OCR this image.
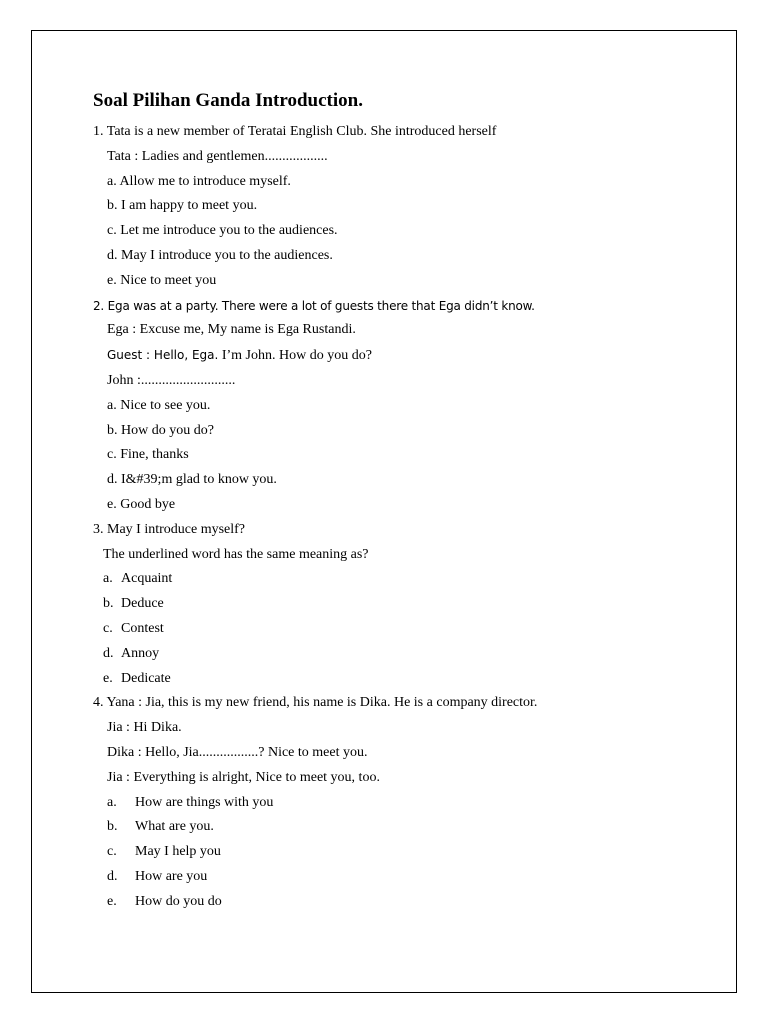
Soal Pilihan Ganda Introduction.

1. Tata is a new member of Teratai English Club. She introduced herself

Tata : Ladies and gentlemen..................

a. Allow me to introduce myself.

b. I am happy to meet you.

c. Let me introduce you to the audiences.

d. May I introduce you to the audiences.

e. Nice to meet you

2. Ega was at a party. There were a lot of guests there that Ega didn’t know.

Ega : Excuse me, My name is Ega Rustandi.

Guest : Hello, Ega. I’m John. How do you do?

John :...........................

a. Nice to see you.

b. How do you do?

c. Fine, thanks

d. I&#39;m glad to know you.

e. Good bye

3. May I introduce myself?

The underlined word has the same meaning as?

a. Acquaint

b. Deduce

c. Contest

d. Annoy

e. Dedicate

4. Yana : Jia, this is my new friend, his name is Dika. He is a company director.

Jia : Hi Dika.

Dika : Hello, Jia.................? Nice to meet you.

Jia : Everything is alright, Nice to meet you, too.

a. How are things with you

b. What are you.

c. May I help you

d. How are you

e. How do you do
